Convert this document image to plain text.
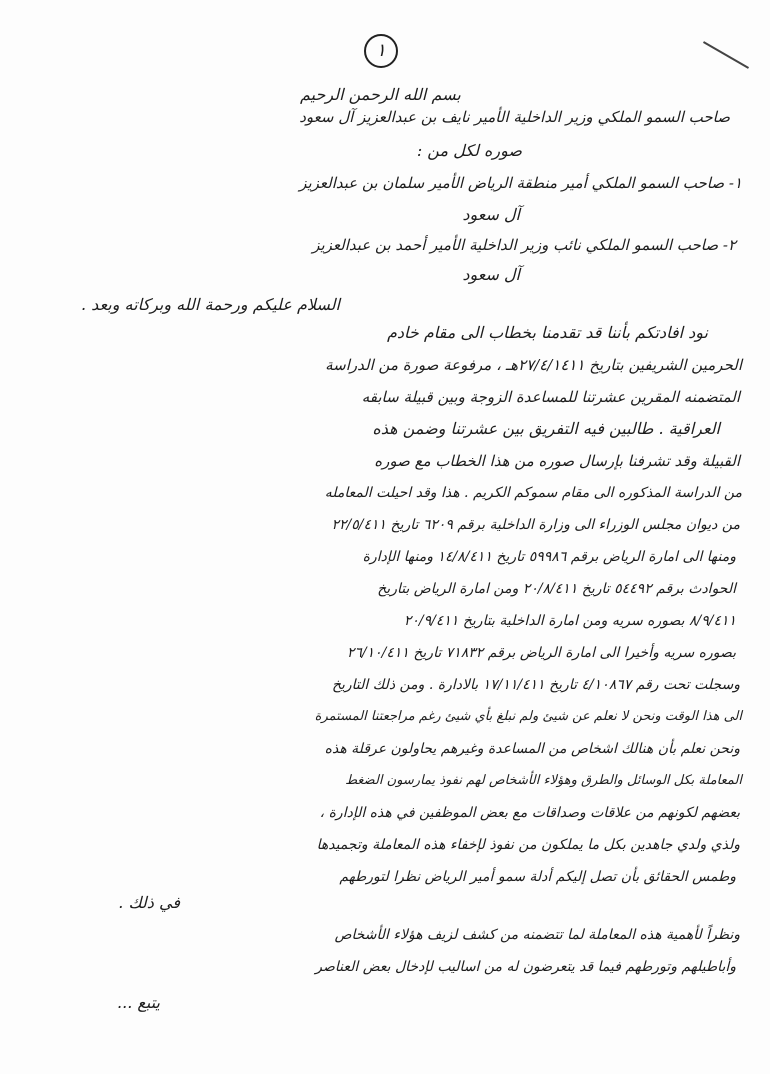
١
بسم الله الرحمن الرحيم
صاحب السمو الملكي وزير الداخلية الأمير نايف بن عبدالعزيز آل سعود
صوره لكل من :
١- صاحب السمو الملكي أمير منطقة الرياض الأمير سلمان بن عبدالعزيز
آل سعود
٢- صاحب السمو الملكي نائب وزير الداخلية الأمير أحمد بن عبدالعزيز
آل سعود
السلام عليكم ورحمة الله وبركاته وبعد .
نود افادتكم بأننا قد تقدمنا بخطاب الى مقام خادم
الحرمين الشريفين بتاريخ ٢٧/٤/١٤١١هـ ، مرفوعة صورة من الدراسة
المتضمنه المقرين عشرتنا للمساعدة الزوجة وبين قبيلة سابقه
العراقية . طالبين فيه التفريق بين عشرتنا وضمن هذه
القبيلة وقد تشرفنا بإرسال صوره من هذا الخطاب مع صوره
من الدراسة المذكوره الى مقام سموكم الكريم . هذا وقد احيلت المعامله
من ديوان مجلس الوزراء الى وزارة الداخلية برقم ٦٢٠٩ تاريخ ٢٢/٥/٤١١
ومنها الى امارة الرياض برقم ٥٩٩٨٦ تاريخ ١٤/٨/٤١١ ومنها الإدارة
الحوادث برقم ٥٤٤٩٢ تاريخ ٢٠/٨/٤١١ ومن امارة الرياض بتاريخ
٨/٩/٤١١ بصوره سريه ومن امارة الداخلية بتاريخ ٢٠/٩/٤١١
بصوره سريه وأخيرا الى امارة الرياض برقم ٧١٨٣٢ تاريخ ٢٦/١٠/٤١١
وسجلت تحت رقم ٤/١٠٨٦٧ تاريخ ١٧/١١/٤١١ بالادارة . ومن ذلك التاريخ
الى هذا الوقت ونحن لا نعلم عن شيئ ولم نبلغ بأي شيئ رغم مراجعتنا المستمرة
ونحن نعلم بأن هنالك اشخاص من المساعدة وغيرهم يحاولون عرقلة هذه
المعاملة بكل الوسائل والطرق وهؤلاء الأشخاص لهم نفوذ يمارسون الضغط
بعضهم لكونهم من علاقات وصداقات مع بعض الموظفين في هذه الإدارة ،
ولذي ولدي جاهدين بكل ما يملكون من نفوذ لإخفاء هذه المعاملة وتجميدها
وطمس الحقائق بأن تصل إليكم أدلة سمو أمير الرياض نظرا لتورطهم
في ذلك .
ونظراً لأهمية هذه المعاملة لما تتضمنه من كشف لزيف هؤلاء الأشخاص
وأباطيلهم وتورطهم فيما قد يتعرضون له من اساليب لإدخال بعض العناصر
يتبع ...
